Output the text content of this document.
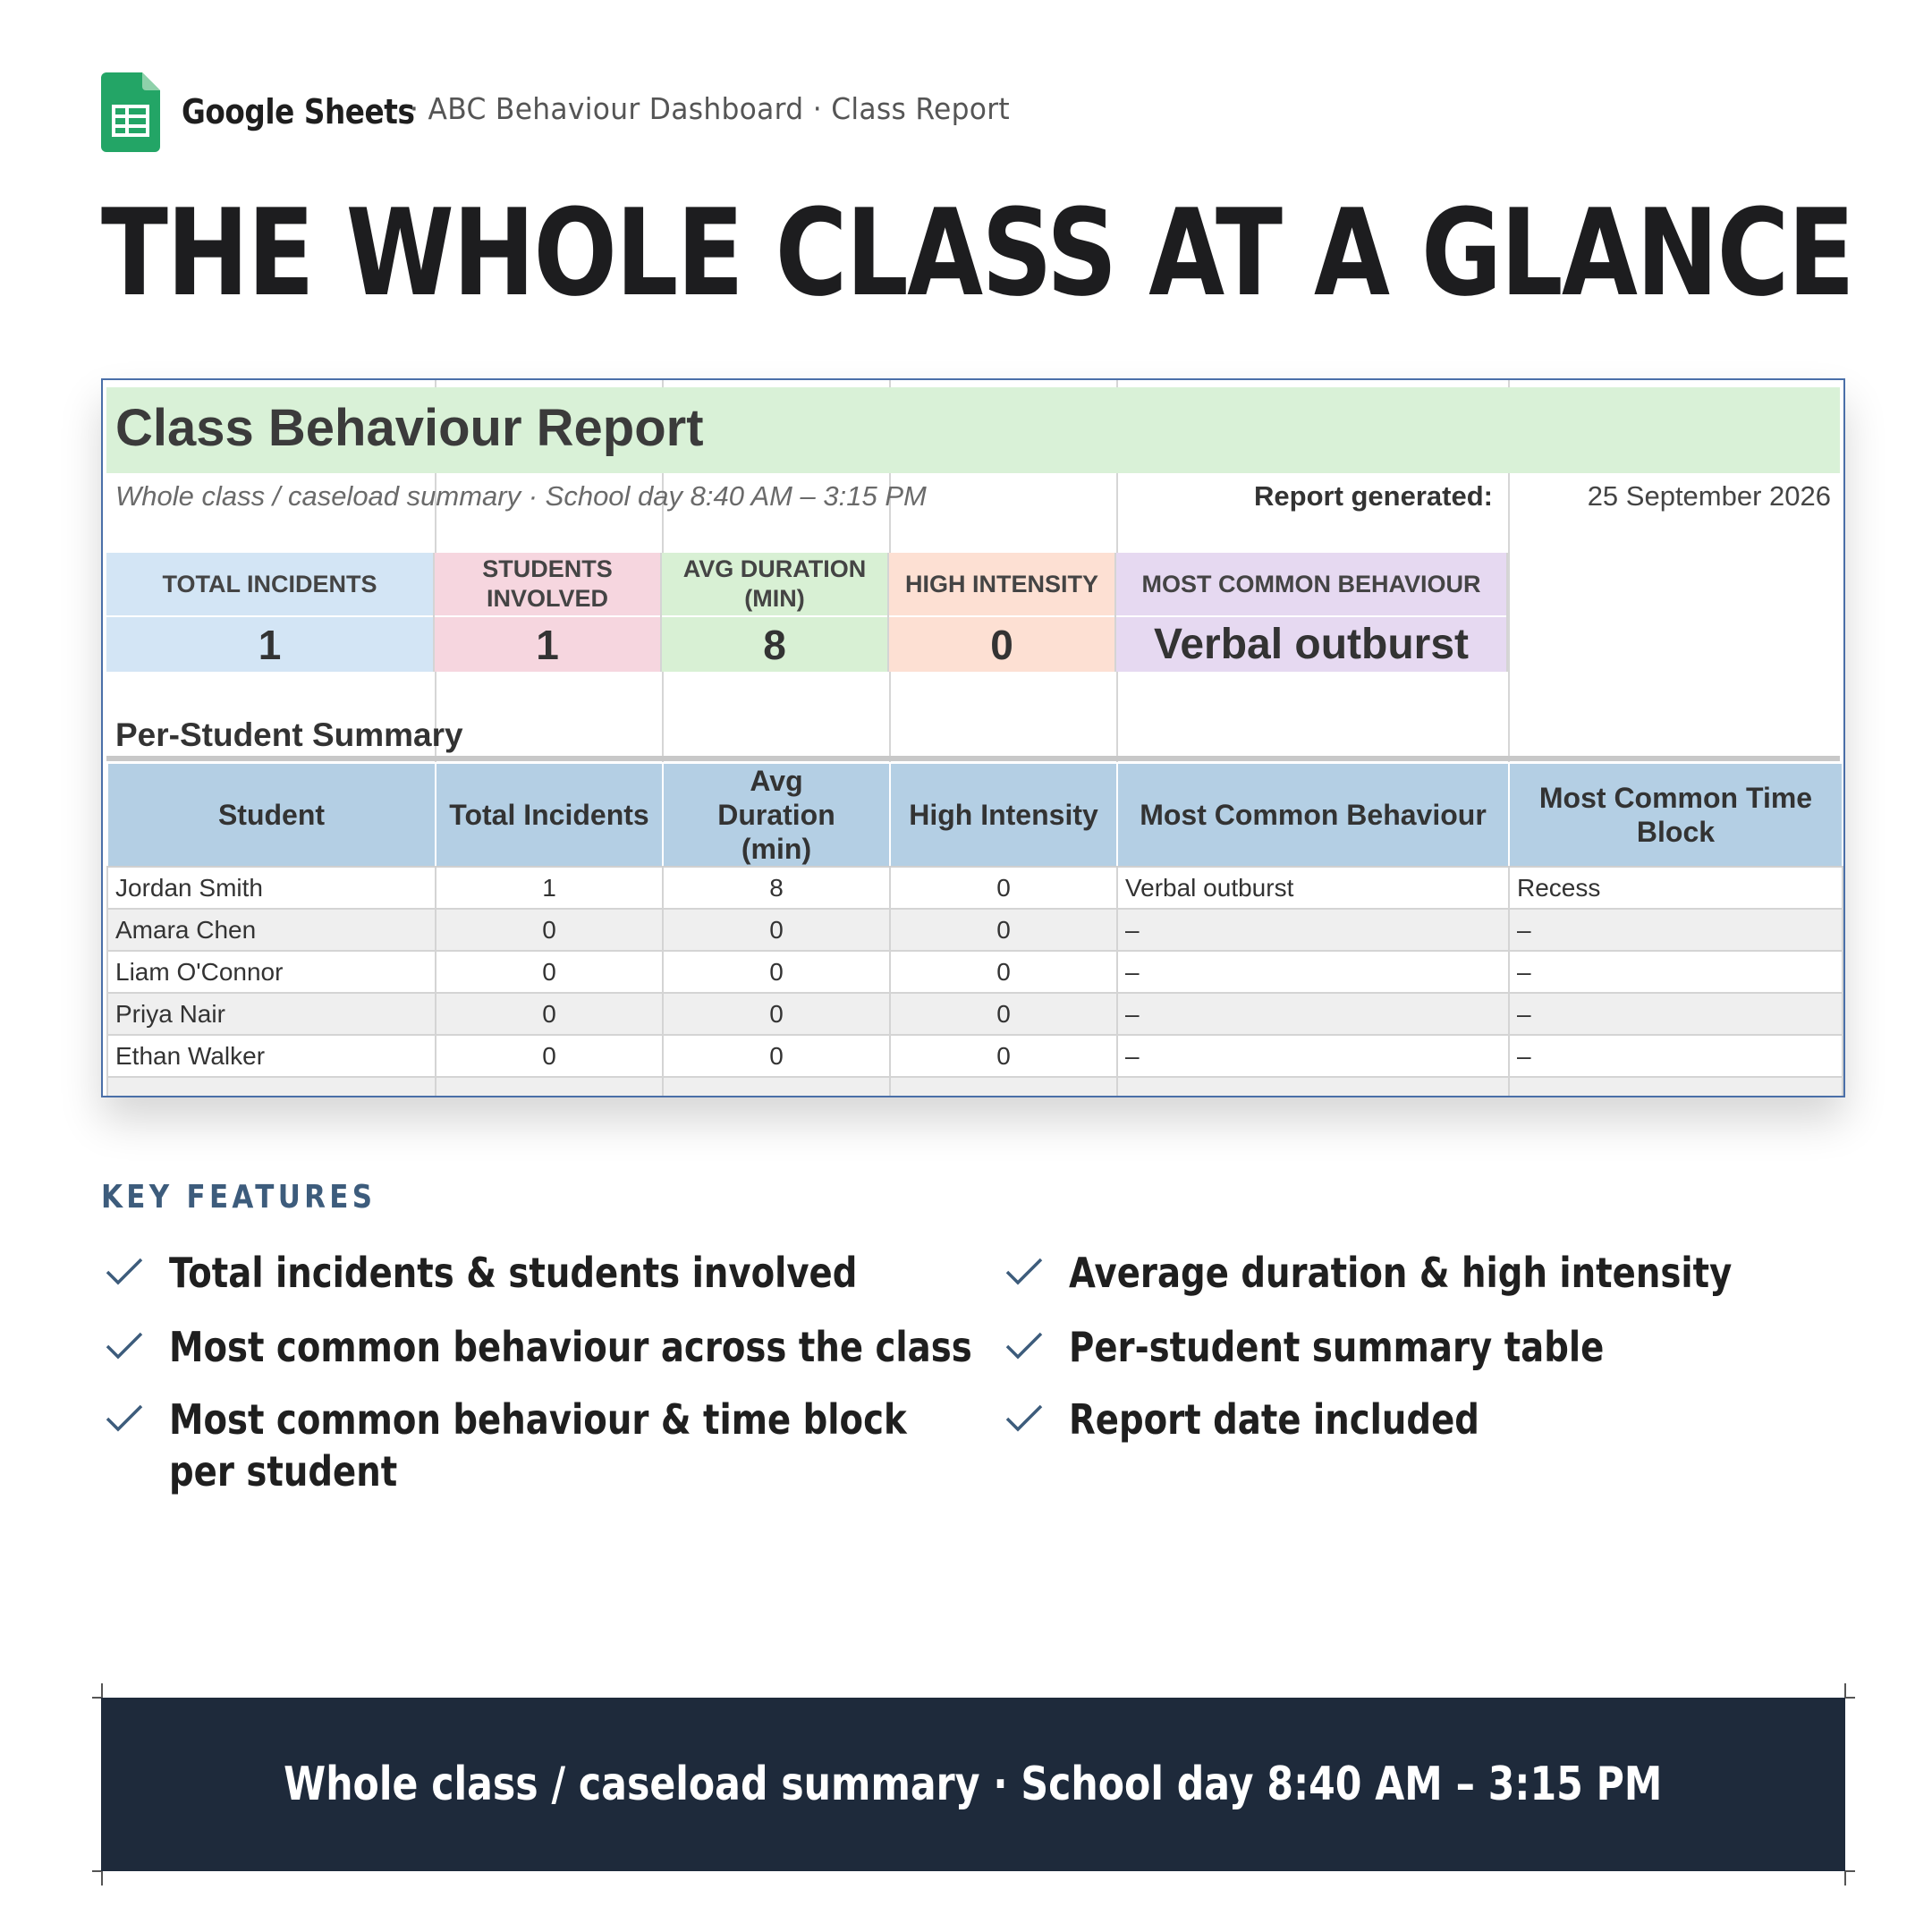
Google Sheets
· ABC Behaviour Dashboard · Class Report
THE WHOLE CLASS AT A GLANCE
Class Behaviour Report
Whole class / caseload summary · School day 8:40 AM – 3:15 PM	Report generated:	25 September 2026
TOTAL INCIDENTS
1
STUDENTS INVOLVED
1
AVG DURATION (MIN)
8
HIGH INTENSITY
0
MOST COMMON BEHAVIOUR
Verbal outburst
Per-Student Summary
Student	Total Incidents	Avg Duration (min)	High Intensity	Most Common Behaviour	Most Common Time Block
Jordan Smith	1	8	0	Verbal outburst	Recess
Amara Chen	0	0	0	–	–
Liam O'Connor	0	0	0	–	–
Priya Nair	0	0	0	–	–
Ethan Walker	0	0	0	–	–

KEY FEATURES
Total incidents & students involved
Most common behaviour across the class
Most common behaviour & time block
per student
Average duration & high intensity
Per-student summary table
Report date included
Whole class / caseload summary · School day 8:40 AM – 3:15 PM
